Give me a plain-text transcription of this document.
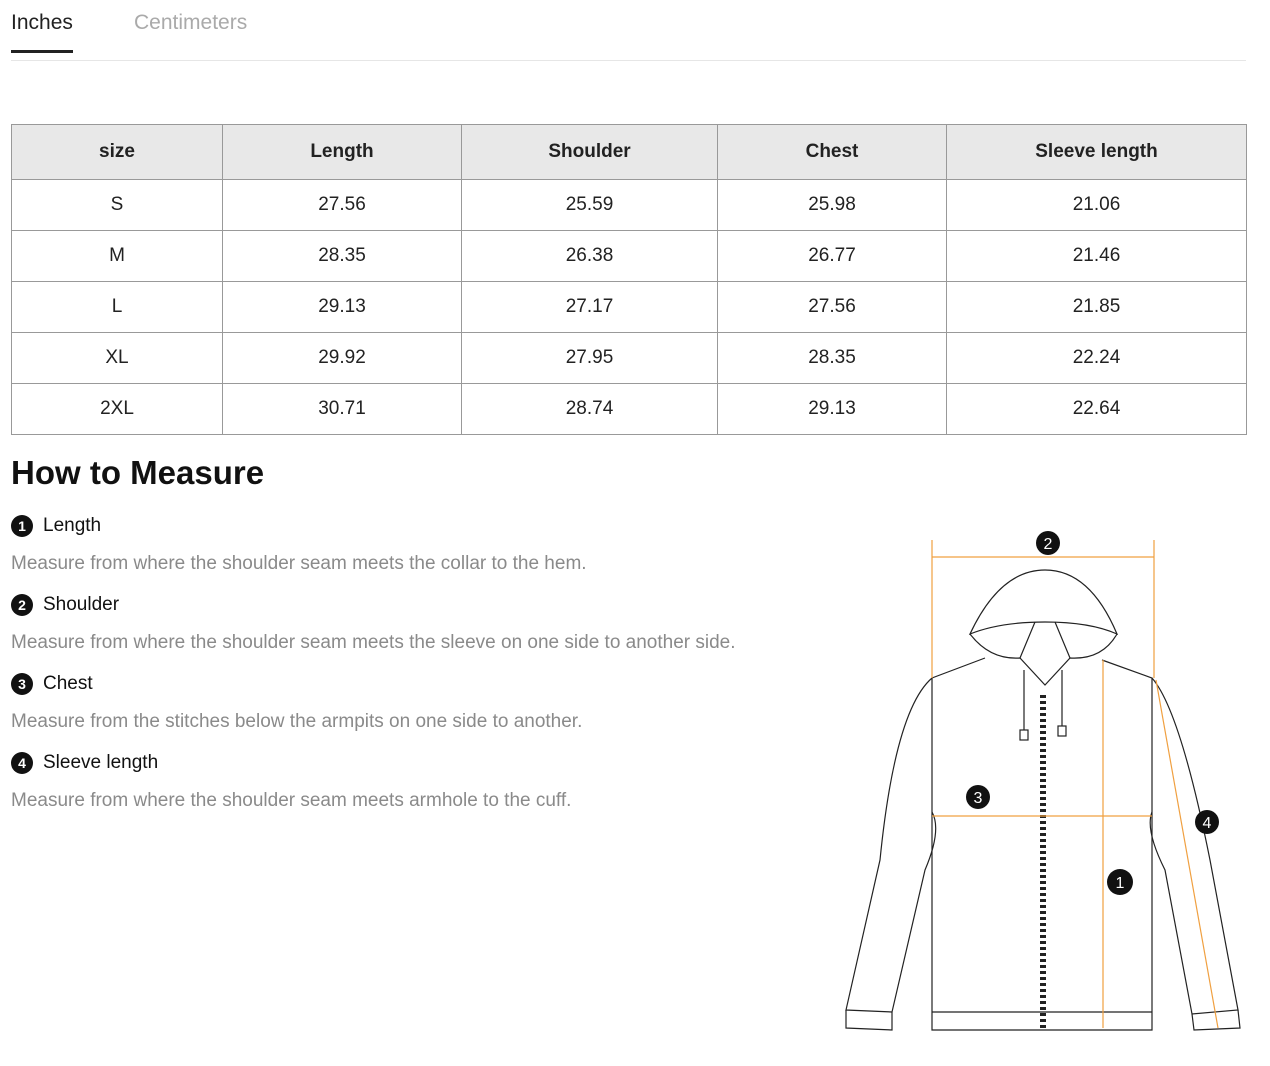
Inches	Centimeters
size	Length	Shoulder	Chest	Sleeve length
S	27.56	25.59	25.98	21.06
M	28.35	26.38	26.77	21.46
L	29.13	27.17	27.56	21.85
XL	29.92	27.95	28.35	22.24
2XL	30.71	28.74	29.13	22.64
How to Measure
1 Length
Measure from where the shoulder seam meets the collar to the hem.
2 Shoulder
Measure from where the shoulder seam meets the sleeve on one side to another side.
3 Chest
Measure from the stitches below the armpits on one side to another.
4 Sleeve length
Measure from where the shoulder seam meets armhole to the cuff.
2
3
1
4
